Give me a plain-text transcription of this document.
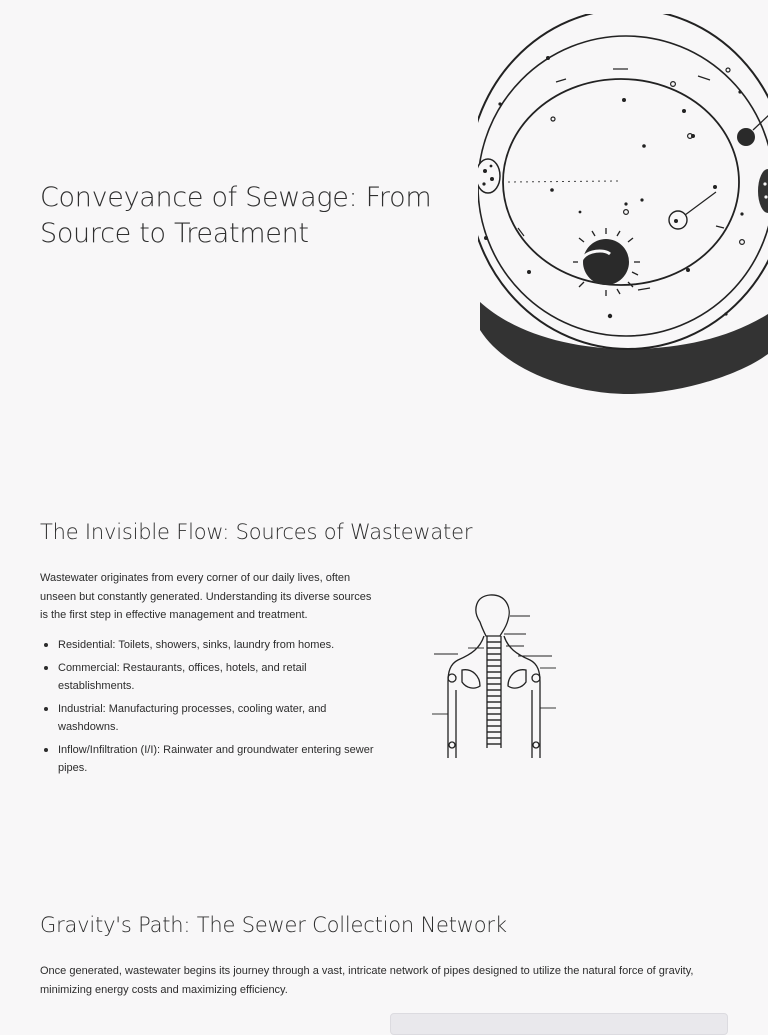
Conveyance of Sewage: From Source to Treatment
The Invisible Flow: Sources of Wastewater

Wastewater originates from every corner of our daily lives, often unseen but constantly generated. Understanding its diverse sources is the first step in effective management and treatment.

Residential: Toilets, showers, sinks, laundry from homes.
Commercial: Restaurants, offices, hotels, and retail establishments.
Industrial: Manufacturing processes, cooling water, and washdowns.
Inflow/Infiltration (I/I): Rainwater and groundwater entering sewer pipes.
Gravity's Path: The Sewer Collection Network

Once generated, wastewater begins its journey through a vast, intricate network of pipes designed to utilize the natural force of gravity, minimizing energy costs and maximizing efficiency.
